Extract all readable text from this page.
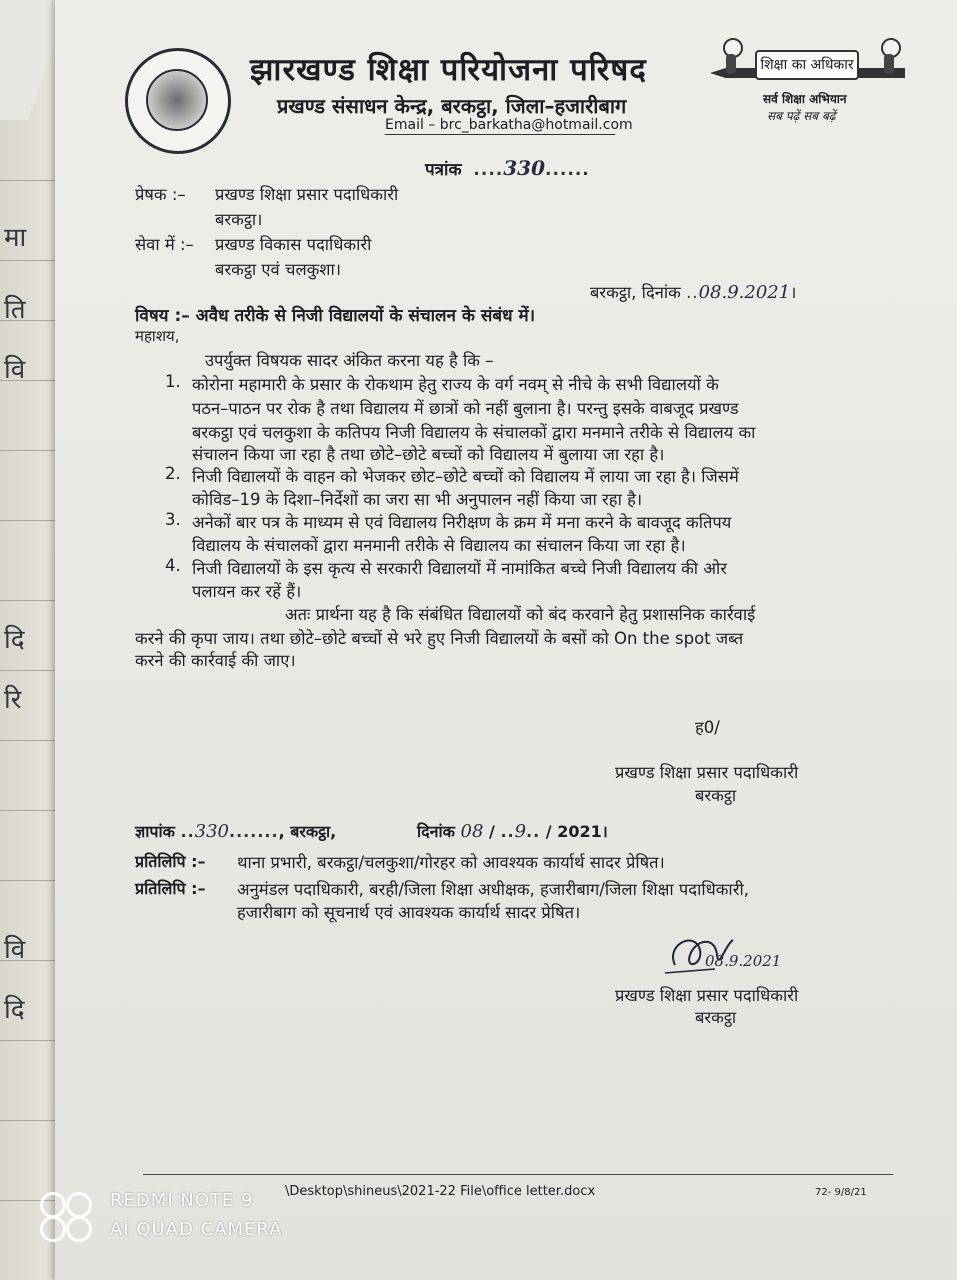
मा
ति
वि
दि
रि
वि
दि
झारखण्ड शिक्षा परियोजना परिषद
प्रखण्ड संसाधन केन्द्र, बरकट्ठा, जिला–हजारीबाग
Email – brc_barkatha@hotmail.com
शिक्षा का अधिकार
सर्व शिक्षा अभियान
सब पढ़ें सब बढ़ें
पत्रांक ....330......
प्रेषक :– प्रखण्ड शिक्षा प्रसार पदाधिकारी
बरकट्ठा।
सेवा में :– प्रखण्ड विकास पदाधिकारी
बरकट्ठा एवं चलकुशा।
बरकट्ठा, दिनांक ..08.9.2021।
विषय :– अवैध तरीके से निजी विद्यालयों के संचालन के संबंध में।
महाशय,
उपर्युक्त विषयक सादर अंकित करना यह है कि –
1. कोरोना महामारी के प्रसार के रोकथाम हेतु राज्य के वर्ग नवम् से नीचे के सभी विद्यालयों के
पठन–पाठन पर रोक है तथा विद्यालय में छात्रों को नहीं बुलाना है। परन्तु इसके वाबजूद प्रखण्ड
बरकट्ठा एवं चलकुशा के कतिपय निजी विद्यालय के संचालकों द्वारा मनमाने तरीके से विद्यालय का
संचालन किया जा रहा है तथा छोटे–छोटे बच्चों को विद्यालय में बुलाया जा रहा है।
2. निजी विद्यालयों के वाहन को भेजकर छोट–छोटे बच्चों को विद्यालय में लाया जा रहा है। जिसमें
कोविड–19 के दिशा–निर्देशों का जरा सा भी अनुपालन नहीं किया जा रहा है।
3. अनेकों बार पत्र के माध्यम से एवं विद्यालय निरीक्षण के क्रम में मना करने के बावजूद कतिपय
विद्यालय के संचालकों द्वारा मनमानी तरीके से विद्यालय का संचालन किया जा रहा है।
4. निजी विद्यालयों के इस कृत्य से सरकारी विद्यालयों में नामांकित बच्चे निजी विद्यालय की ओर
पलायन कर रहें हैं।
अतः प्रार्थना यह है कि संबंधित विद्यालयों को बंद करवाने हेतु प्रशासनिक कार्रवाई
करने की कृपा जाय। तथा छोटे–छोटे बच्चों से भरे हुए निजी विद्यालयों के बसों को On the spot जब्त
करने की कार्रवाई की जाए।
ह0/
प्रखण्ड शिक्षा प्रसार पदाधिकारी
बरकट्ठा
ज्ञापांक ..330......., बरकट्ठा,	दिनांक 08 / ..9.. / 2021।
प्रतिलिपि :– थाना प्रभारी, बरकट्ठा/चलकुशा/गोरहर को आवश्यक कार्यार्थ सादर प्रेषित।
प्रतिलिपि :– अनुमंडल पदाधिकारी, बरही/जिला शिक्षा अधीक्षक, हजारीबाग/जिला शिक्षा पदाधिकारी,
हजारीबाग को सूचनार्थ एवं आवश्यक कार्यार्थ सादर प्रेषित।
08.9.2021
प्रखण्ड शिक्षा प्रसार पदाधिकारी
बरकट्ठा
\Desktop\shineus\2021-22 File\office letter.docx	72- 9/8/21
REDMI NOTE 9
AI QUAD CAMERA
